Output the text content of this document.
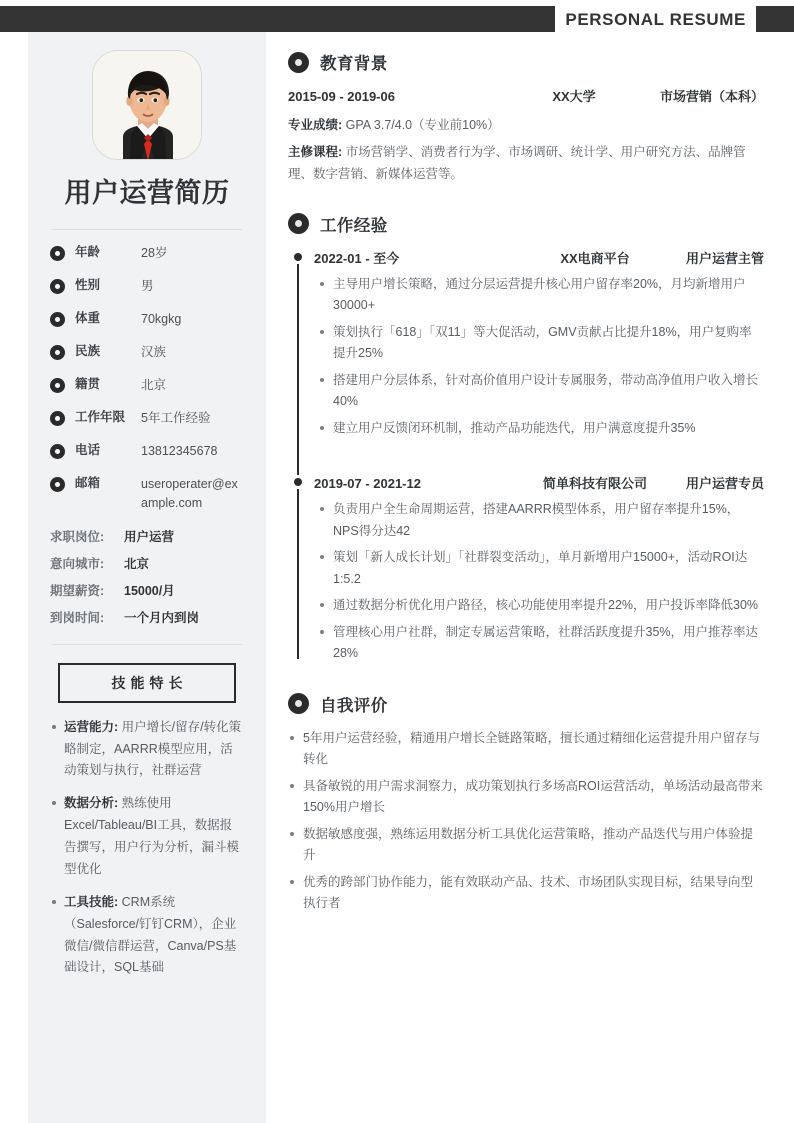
PERSONAL RESUME
用户运营简历
年龄	28岁
性别	男
体重	70kgkg
民族	汉族
籍贯	北京
工作年限	5年工作经验
电话	13812345678
邮箱	useroperater@example.com
求职岗位:	用户运营
意向城市:	北京
期望薪资:	15000/月
到岗时间:	一个月内到岗
技能特长
运营能力: 用户增长/留存/转化策略制定，AARRR模型应用，活动策划与执行，社群运营
数据分析: 熟练使用Excel/Tableau/BI工具，数据报告撰写，用户行为分析，漏斗模型优化
工具技能: CRM系统（Salesforce/钉钉CRM），企业微信/微信群运营，Canva/PS基础设计，SQL基础
教育背景
2015-09 - 2019-06	XX大学	市场营销（本科）
专业成绩: GPA 3.7/4.0（专业前10%）
主修课程: 市场营销学、消费者行为学、市场调研、统计学、用户研究方法、品牌管理、数字营销、新媒体运营等。
工作经验
2022-01 - 至今	XX电商平台	用户运营主管
主导用户增长策略，通过分层运营提升核心用户留存率20%，月均新增用户30000+
策划执行「618」「双11」等大促活动，GMV贡献占比提升18%，用户复购率提升25%
搭建用户分层体系，针对高价值用户设计专属服务，带动高净值用户收入增长40%
建立用户反馈闭环机制，推动产品功能迭代，用户满意度提升35%
2019-07 - 2021-12	简单科技有限公司	用户运营专员
负责用户全生命周期运营，搭建AARRR模型体系，用户留存率提升15%，NPS得分达42
策划「新人成长计划」「社群裂变活动」，单月新增用户15000+，活动ROI达1:5.2
通过数据分析优化用户路径，核心功能使用率提升22%，用户投诉率降低30%
管理核心用户社群，制定专属运营策略，社群活跃度提升35%，用户推荐率达28%
自我评价
5年用户运营经验，精通用户增长全链路策略，擅长通过精细化运营提升用户留存与转化
具备敏锐的用户需求洞察力，成功策划执行多场高ROI运营活动，单场活动最高带来150%用户增长
数据敏感度强，熟练运用数据分析工具优化运营策略，推动产品迭代与用户体验提升
优秀的跨部门协作能力，能有效联动产品、技术、市场团队实现目标，结果导向型执行者
